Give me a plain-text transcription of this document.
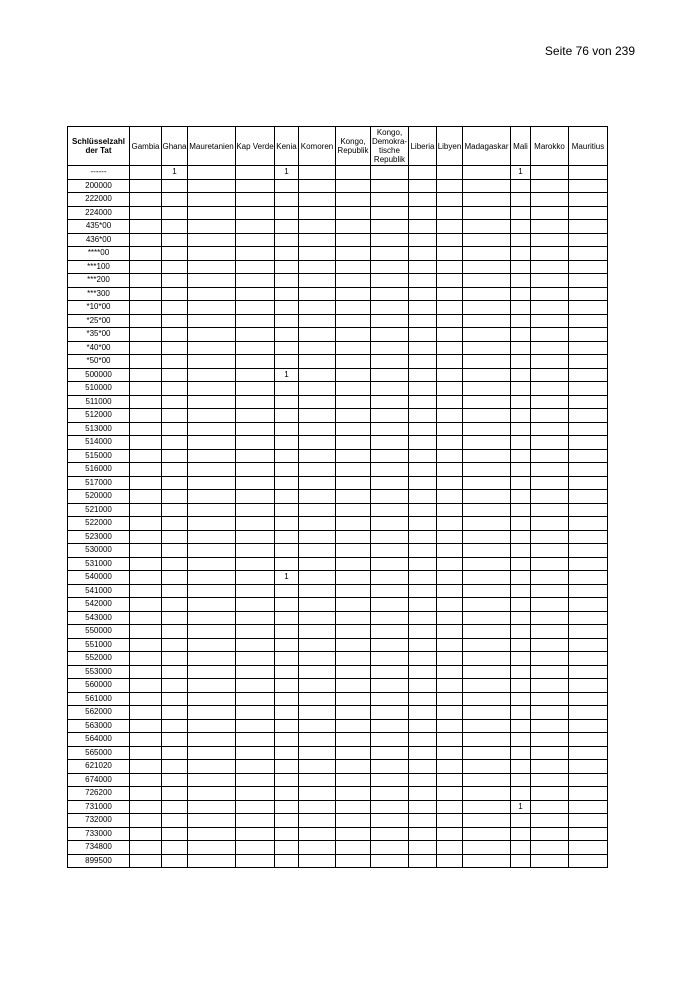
Seite 76 von 239
Schlüsselzahl der Tat	Gambia	Ghana	Mauretanien	Kap Verde	Kenia	Komoren	Kongo, Republik	Kongo, Demokra-tische Republik	Liberia	Libyen	Madagaskar	Mali	Marokko	Mauritius
------		1			1							1		
200000														
222000														
224000														
435*00														
436*00														
****00														
***100														
***200														
***300														
*10*00														
*25*00														
*35*00														
*40*00														
*50*00														
500000					1									
510000														
511000														
512000														
513000														
514000														
515000														
516000														
517000														
520000														
521000														
522000														
523000														
530000														
531000														
540000					1									
541000														
542000														
543000														
550000														
551000														
552000														
553000														
560000														
561000														
562000														
563000														
564000														
565000														
621020														
674000														
726200														
731000												1		
732000														
733000														
734800														
899500														
